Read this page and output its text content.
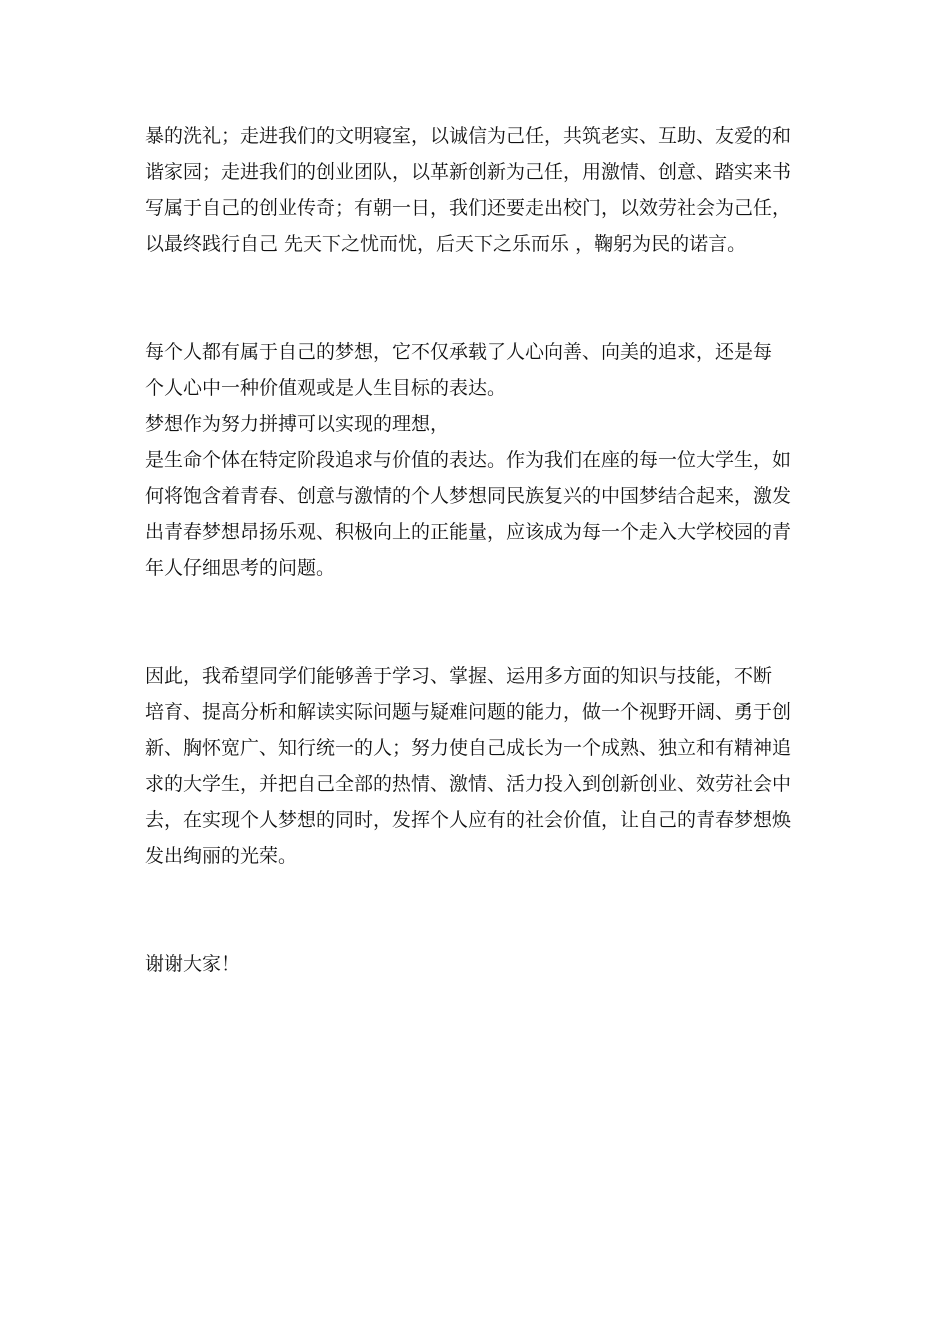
暴的洗礼；走进我们的文明寝室，以诚信为己任，共筑老实、互助、友爱的和
谐家园；走进我们的创业团队，以革新创新为己任，用激情、创意、踏实来书
写属于自己的创业传奇；有朝一日，我们还要走出校门，以效劳社会为己任，
以最终践行自己 先天下之忧而忧，后天下之乐而乐 ，鞠躬为民的诺言。

每个人都有属于自己的梦想，它不仅承载了人心向善、向美的追求，还是每
个人心中一种价值观或是人生目标的表达。梦想作为努力拼搏可以实现的理想，
是生命个体在特定阶段追求与价值的表达。作为我们在座的每一位大学生，如
何将饱含着青春、创意与激情的个人梦想同民族复兴的中国梦结合起来，激发
出青春梦想昂扬乐观、积极向上的正能量，应该成为每一个走入大学校园的青
年人仔细思考的问题。

因此，我希望同学们能够善于学习、掌握、运用多方面的知识与技能，不断
培育、提高分析和解读实际问题与疑难问题的能力，做一个视野开阔、勇于创
新、胸怀宽广、知行统一的人；努力使自己成长为一个成熟、独立和有精神追
求的大学生，并把自己全部的热情、激情、活力投入到创新创业、效劳社会中
去，在实现个人梦想的同时，发挥个人应有的社会价值，让自己的青春梦想焕
发出绚丽的光荣。

谢谢大家！
